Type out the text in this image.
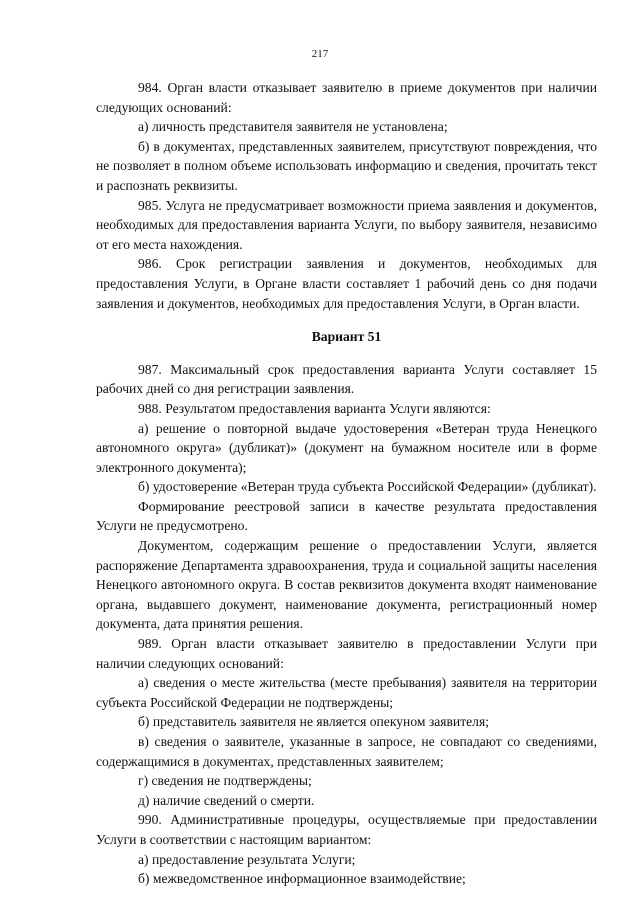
217

984. Орган власти отказывает заявителю в приеме документов при наличии следующих оснований:

а) личность представителя заявителя не установлена;

б) в документах, представленных заявителем, присутствуют повреждения, что не позволяет в полном объеме использовать информацию и сведения, прочитать текст и распознать реквизиты.

985. Услуга не предусматривает возможности приема заявления и документов, необходимых для предоставления варианта Услуги, по выбору заявителя, независимо от его места нахождения.

986. Срок регистрации заявления и документов, необходимых для предоставления Услуги, в Органе власти составляет 1 рабочий день со дня подачи заявления и документов, необходимых для предоставления Услуги, в Орган власти.

Вариант 51

987. Максимальный срок предоставления варианта Услуги составляет 15 рабочих дней со дня регистрации заявления.

988. Результатом предоставления варианта Услуги являются:

а) решение о повторной выдаче удостоверения «Ветеран труда Ненецкого автономного округа» (дубликат)» (документ на бумажном носителе или в форме электронного документа);

б) удостоверение «Ветеран труда субъекта Российской Федерации» (дубликат).

Формирование реестровой записи в качестве результата предоставления Услуги не предусмотрено.

Документом, содержащим решение о предоставлении Услуги, является распоряжение Департамента здравоохранения, труда и социальной защиты населения Ненецкого автономного округа. В состав реквизитов документа входят наименование органа, выдавшего документ, наименование документа, регистрационный номер документа, дата принятия решения.

989. Орган власти отказывает заявителю в предоставлении Услуги при наличии следующих оснований:

а) сведения о месте жительства (месте пребывания) заявителя на территории субъекта Российской Федерации не подтверждены;

б) представитель заявителя не является опекуном заявителя;

в) сведения о заявителе, указанные в запросе, не совпадают со сведениями, содержащимися в документах, представленных заявителем;

г) сведения не подтверждены;

д) наличие сведений о смерти.

990. Административные процедуры, осуществляемые при предоставлении Услуги в соответствии с настоящим вариантом:

а) предоставление результата Услуги;

б) межведомственное информационное взаимодействие;
